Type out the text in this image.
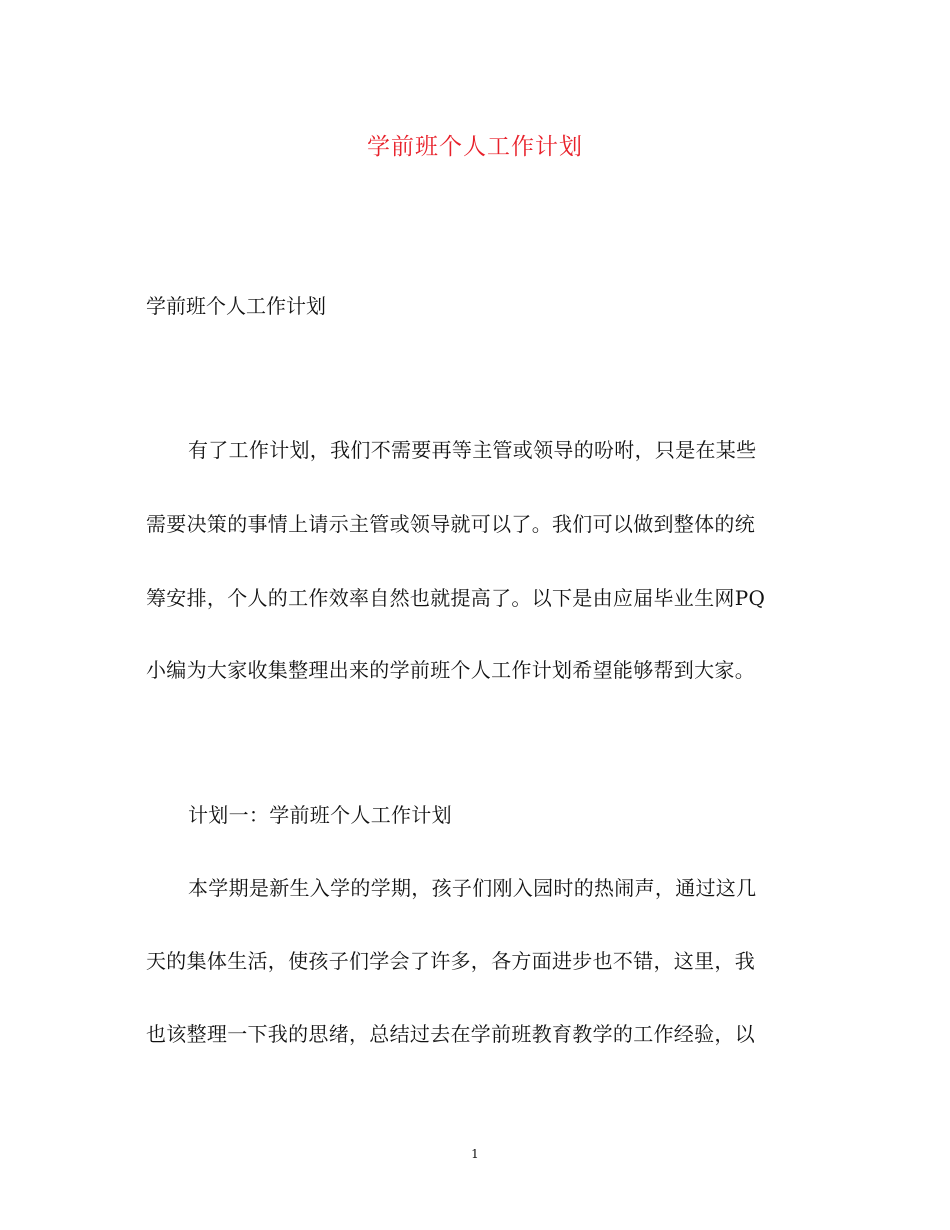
学前班个人工作计划
学前班个人工作计划
有了工作计划，我们不需要再等主管或领导的吩咐，只是在某些
需要决策的事情上请示主管或领导就可以了。我们可以做到整体的统
筹安排，个人的工作效率自然也就提高了。以下是由应届毕业生网PQ
小编为大家收集整理出来的学前班个人工作计划希望能够帮到大家。
计划一：学前班个人工作计划
本学期是新生入学的学期，孩子们刚入园时的热闹声，通过这几
天的集体生活，使孩子们学会了许多，各方面进步也不错，这里，我
也该整理一下我的思绪，总结过去在学前班教育教学的工作经验，以
1
